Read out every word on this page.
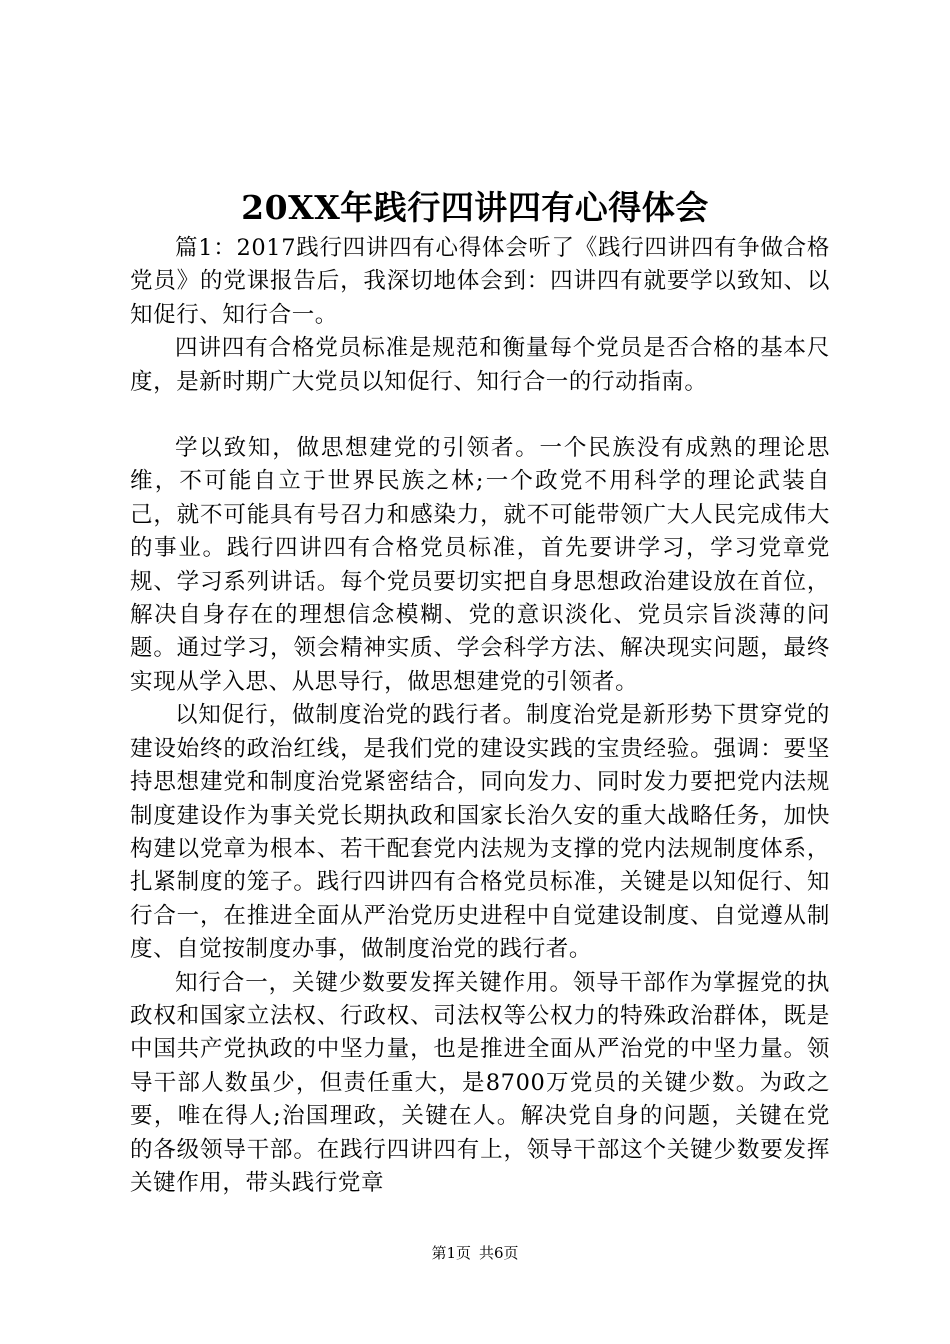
20XX年践行四讲四有心得体会

篇1：2017践行四讲四有心得体会听了《践行四讲四有争做合格党员》的党课报告后，我深切地体会到：四讲四有就要学以致知、以知促行、知行合一。

四讲四有合格党员标准是规范和衡量每个党员是否合格的基本尺度，是新时期广大党员以知促行、知行合一的行动指南。

学以致知，做思想建党的引领者。一个民族没有成熟的理论思维，不可能自立于世界民族之林;一个政党不用科学的理论武装自己，就不可能具有号召力和感染力，就不可能带领广大人民完成伟大的事业。践行四讲四有合格党员标准，首先要讲学习，学习党章党规、学习系列讲话。每个党员要切实把自身思想政治建设放在首位，解决自身存在的理想信念模糊、党的意识淡化、党员宗旨淡薄的问题。通过学习，领会精神实质、学会科学方法、解决现实问题，最终实现从学入思、从思导行，做思想建党的引领者。

以知促行，做制度治党的践行者。制度治党是新形势下贯穿党的建设始终的政治红线，是我们党的建设实践的宝贵经验。强调：要坚持思想建党和制度治党紧密结合，同向发力、同时发力要把党内法规制度建设作为事关党长期执政和国家长治久安的重大战略任务，加快构建以党章为根本、若干配套党内法规为支撑的党内法规制度体系，扎紧制度的笼子。践行四讲四有合格党员标准，关键是以知促行、知行合一，在推进全面从严治党历史进程中自觉建设制度、自觉遵从制度、自觉按制度办事，做制度治党的践行者。

知行合一，关键少数要发挥关键作用。领导干部作为掌握党的执政权和国家立法权、行政权、司法权等公权力的特殊政治群体，既是中国共产党执政的中坚力量，也是推进全面从严治党的中坚力量。领导干部人数虽少，但责任重大，是8700万党员的关键少数。为政之要，唯在得人;治国理政，关键在人。解决党自身的问题，关键在党的各级领导干部。在践行四讲四有上，领导干部这个关键少数要发挥关键作用，带头践行党章

第1页 共6页
